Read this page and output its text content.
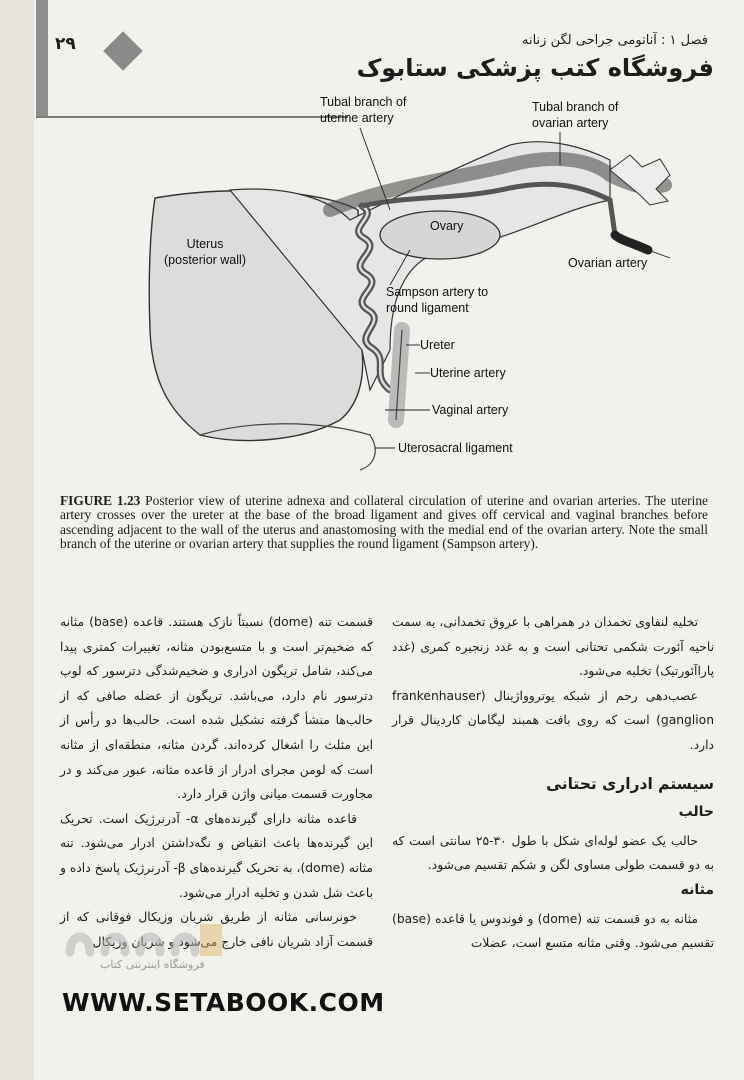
۲۹	فصل ۱ : آناتومی جراحی لگن زنانه
فروشگاه کتب پزشکی ستابوک
Tubal branch of
uterine artery
Tubal branch of
ovarian artery
Uterus
(posterior wall)
Ovary
Ovarian artery
Sampson artery to
round ligament
Ureter
Uterine artery
Vaginal artery
Uterosacral ligament
FIGURE 1.23 Posterior view of uterine adnexa and collateral circulation of uterine and ovarian arteries. The uterine artery crosses over the ureter at the base of the broad ligament and gives off cervical and vaginal branches before ascending adjacent to the wall of the uterus and anastomosing with the medial end of the ovarian artery. Note the small branch of the uterine or ovarian artery that supplies the round ligament (Sampson artery).

تخلیه لنفاوی تخمدان در همراهی با عروق تخمدانی، به سمت ناحیه آئورت شکمی تحتانی است و به غدد زنجیره کمری (غدد پاراآئورتیک) تخلیه می‌شود.

عصب‌دهی رحم از شبکه یوتروواژینال (frankenhauser ganglion) است که روی بافت همبند لیگامان کاردینال قرار دارد.

سیستم ادراری تحتانی
حالب

حالب یک عضو لوله‌ای شکل با طول ۳۰-۲۵ سانتی است که به دو قسمت طولی مساوی لگن و شکم تقسیم می‌شود.

مثانه

مثانه به دو قسمت تنه (dome) و فوندوس یا قاعده (base) تقسیم می‌شود. وقتی مثانه متسع است، عضلات

قسمت تنه (dome) نسبتاً نازک هستند. قاعده (base) مثانه که ضخیم‌تر است و با متسع‌بودن مثانه، تغییرات کمتری پیدا می‌کند، شامل تریگون ادراری و ضخیم‌شدگی دترسور که لوپ دترسور نام دارد، می‌باشد. تریگون از عضله صافی که از حالب‌ها منشأ گرفته تشکیل شده است. حالب‌ها دو رأس از این مثلث را اشغال کرده‌اند. گردن مثانه، منطقه‌ای از مثانه است که لومن مجرای ادرار از قاعده مثانه، عبور می‌کند و در مجاورت قسمت میانی واژن قرار دارد.

قاعده مثانه دارای گیرنده‌های α- آدرنرژیک است. تحریک این گیرنده‌ها باعث انقباض و نگه‌داشتن ادرار می‌شود. تنه مثانه (dome)، به تحریک گیرنده‌های β- آدرنرژیک پاسخ داده و باعث شل شدن و تخلیه ادرار می‌شود.

خونرسانی مثانه از طریق شریان وزیکال فوقانی که از قسمت آزاد شریان نافی خارج می‌شود و شریان وزیکال

فروشگاه اینترنتی کتاب
WWW.SETABOOK.COM
